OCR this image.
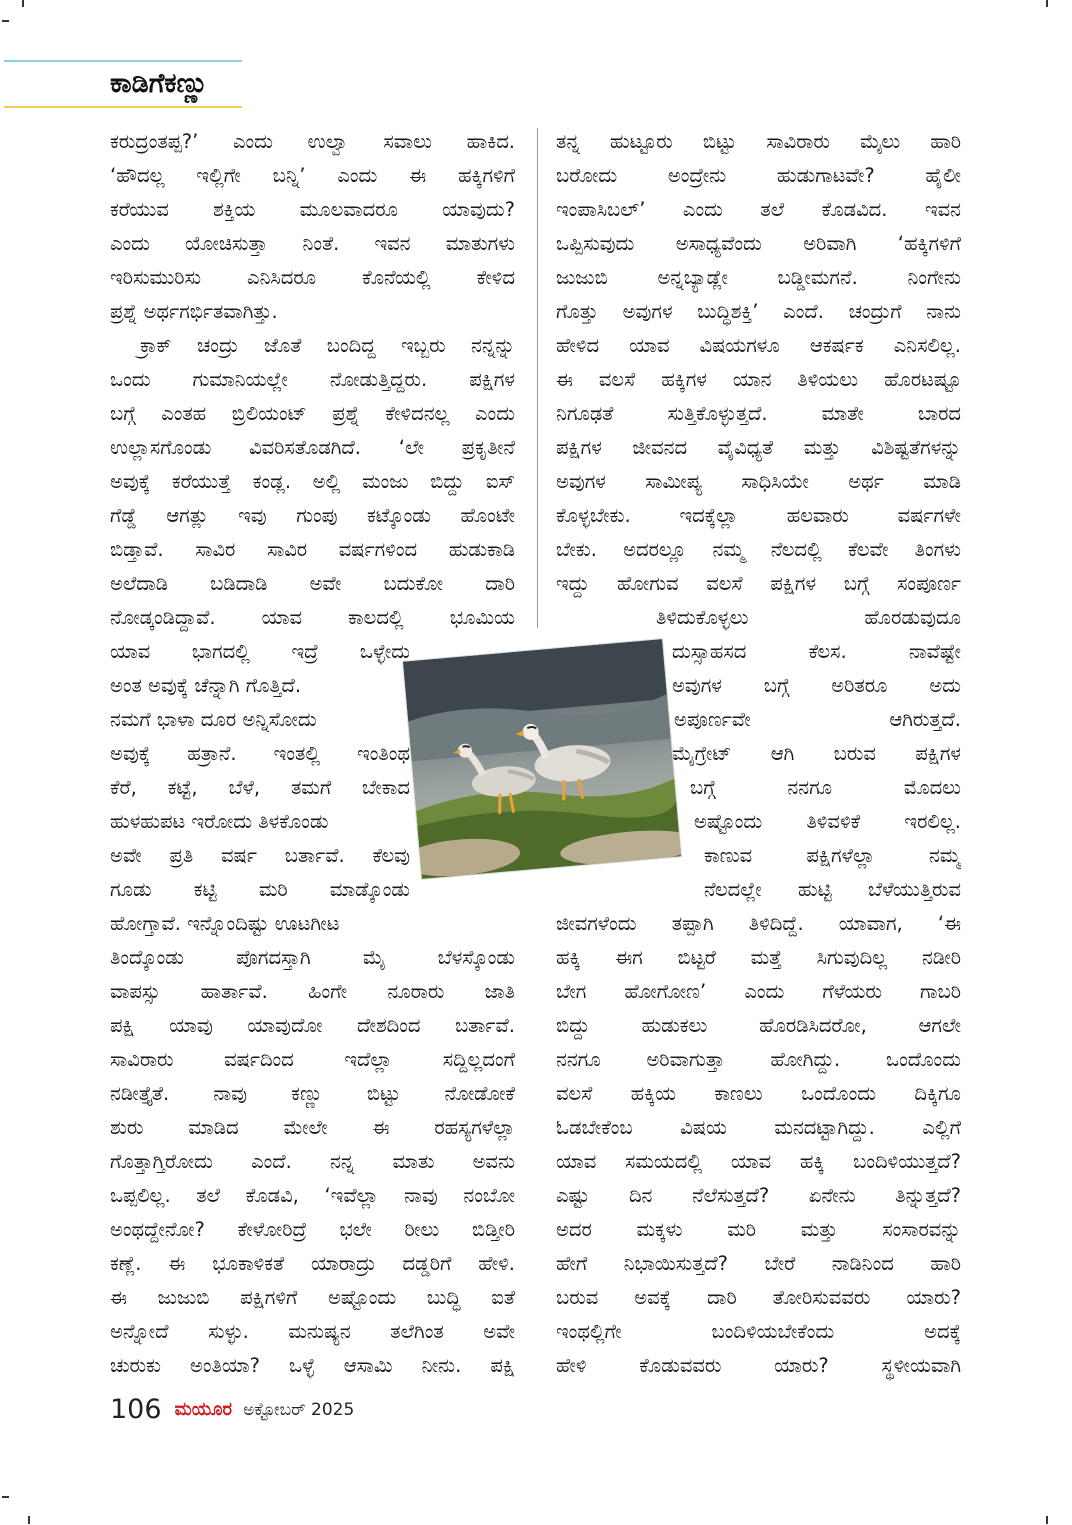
ಕಾಡಿಗೆಕಣ್ಣು
ಕರುದ್ರಂತಪ್ಪ?’ ಎಂದು ಉಲ್ವಾ ಸವಾಲು ಹಾಕಿದ.
‘ಹೌದಲ್ಲ ಇಲ್ಲಿಗೇ ಬನ್ನಿ’ ಎಂದು ಈ ಹಕ್ಕಿಗಳಿಗೆ
ಕರೆಯುವ ಶಕ್ತಿಯ ಮೂಲವಾದರೂ ಯಾವುದು?
ಎಂದು ಯೋಚಿಸುತ್ತಾ ನಿಂತೆ. ಇವನ ಮಾತುಗಳು
ಇರಿಸುಮುರಿಸು ಎನಿಸಿದರೂ ಕೊನೆಯಲ್ಲಿ ಕೇಳಿದ
ಪ್ರಶ್ನೆ ಅರ್ಥಗರ್ಭಿತವಾಗಿತ್ತು.
ಕ್ರಾಕ್ ಚಂದ್ರು ಜೊತೆ ಬಂದಿದ್ದ ಇಬ್ಬರು ನನ್ನನ್ನು
ಒಂದು ಗುಮಾನಿಯಲ್ಲೇ ನೋಡುತ್ತಿದ್ದರು. ಪಕ್ಷಿಗಳ
ಬಗ್ಗೆ ಎಂತಹ ಬ್ರಿಲಿಯಂಟ್ ಪ್ರಶ್ನೆ ಕೇಳಿದನಲ್ಲ ಎಂದು
ಉಲ್ಲಾಸಗೊಂಡು ವಿವರಿಸತೊಡಗಿದೆ. ‘ಲೇ ಪ್ರಕೃತೀನೆ
ಅವುಕ್ಕೆ ಕರೆಯುತ್ತೆ ಕಂಡ್ಲ. ಅಲ್ಲಿ ಮಂಜು ಬಿದ್ದು ಐಸ್
ಗೆಡ್ಡೆ ಆಗತ್ಲು ಇವು ಗುಂಪು ಕಟ್ಕೊಂಡು ಹೊಂಟೇ
ಬಿಡ್ತಾವೆ. ಸಾವಿರ ಸಾವಿರ ವರ್ಷಗಳಿಂದ ಹುಡುಕಾಡಿ
ಅಲೆದಾಡಿ ಬಡಿದಾಡಿ ಅವೇ ಬದುಕೋ ದಾರಿ
ನೋಡ್ಕಂಡಿದ್ದಾವೆ. ಯಾವ ಕಾಲದಲ್ಲಿ ಭೂಮಿಯ
ಯಾವ ಭಾಗದಲ್ಲಿ ಇದ್ರೆ ಒಳ್ಳೇದು
ಅಂತ ಅವುಕ್ಕೆ ಚೆನ್ನಾಗಿ ಗೊತ್ತಿದೆ.
ನಮಗೆ ಭಾಳಾ ದೂರ ಅನ್ನಿಸೋದು
ಅವುಕ್ಕೆ ಹತ್ರಾನೆ. ಇಂತಲ್ಲಿ ಇಂತಿಂಥ
ಕೆರೆ, ಕಟ್ಟೆ, ಬೆಳೆ, ತಮಗೆ ಬೇಕಾದ
ಹುಳಹುಪಟ ಇರೋದು ತಿಳಕೊಂಡು
ಅವೇ ಪ್ರತಿ ವರ್ಷ ಬರ್ತಾವೆ. ಕೆಲವು
ಗೂಡು ಕಟ್ಟಿ ಮರಿ ಮಾಡ್ಕೊಂಡು
ಹೋಗ್ತಾವೆ. ಇನ್ನೊಂದಿಷ್ಟು ಊಟಗೀಟ
ತಿಂದ್ಕೊಂಡು ಪೊಗದಸ್ತಾಗಿ ಮೈ ಬೆಳಸ್ಕೊಂಡು
ವಾಪಸ್ಸು ಹಾರ್ತಾವೆ. ಹಿಂಗೇ ನೂರಾರು ಜಾತಿ
ಪಕ್ಷಿ ಯಾವು ಯಾವುದೋ ದೇಶದಿಂದ ಬರ್ತಾವೆ.
ಸಾವಿರಾರು ವರ್ಷದಿಂದ ಇದೆಲ್ಲಾ ಸದ್ದಿಲ್ಲದಂಗೆ
ನಡೀತ್ತೈತೆ. ನಾವು ಕಣ್ಣು ಬಿಟ್ಟು ನೋಡೋಕೆ
ಶುರು ಮಾಡಿದ ಮೇಲೇ ಈ ರಹಸ್ಯಗಳೆಲ್ಲಾ
ಗೊತ್ತಾಗ್ತಿರೋದು ಎಂದೆ. ನನ್ನ ಮಾತು ಅವನು
ಒಪ್ಪಲಿಲ್ಲ. ತಲೆ ಕೊಡವಿ, ‘ಇವೆಲ್ಲಾ ನಾವು ನಂಬೋ
ಅಂಥದ್ದೇನೋ? ಕೇಳೋರಿದ್ರೆ ಭಲೇ ರೀಲು ಬಿಡ್ತೀರಿ
ಕಣ್ಲೆ. ಈ ಭೂಕಾಳಿಕತೆ ಯಾರಾದ್ರು ದಡ್ಡರಿಗೆ ಹೇಳಿ.
ಈ ಜುಜುಬಿ ಪಕ್ಷಿಗಳಿಗೆ ಅಷ್ಟೊಂದು ಬುದ್ಧಿ ಐತೆ
ಅನ್ನೋದೆ ಸುಳ್ಳು. ಮನುಷ್ಯನ ತಲೆಗಿಂತ ಅವೇ
ಚುರುಕು ಅಂತಿಯಾ? ಒಳ್ಳೆ ಆಸಾಮಿ ನೀನು. ಪಕ್ಷಿ
ತನ್ನ ಹುಟ್ಟೂರು ಬಿಟ್ಟು ಸಾವಿರಾರು ಮೈಲು ಹಾರಿ
ಬರೋದು ಅಂದ್ರೇನು ಹುಡುಗಾಟವೇ? ಹೈಲೀ
ಇಂಪಾಸಿಬಲ್’ ಎಂದು ತಲೆ ಕೊಡವಿದ. ಇವನ
ಒಪ್ಪಿಸುವುದು ಅಸಾಧ್ಯವೆಂದು ಅರಿವಾಗಿ ‘ಹಕ್ಕಿಗಳಿಗೆ
ಜುಜುಬಿ ಅನ್ನಬ್ಯಾಡ್ಲೇ ಬಡ್ಡೀಮಗನೆ. ನಿಂಗೇನು
ಗೊತ್ತು ಅವುಗಳ ಬುದ್ಧಿಶಕ್ತಿ’ ಎಂದೆ. ಚಂದ್ರುಗೆ ನಾನು
ಹೇಳಿದ ಯಾವ ವಿಷಯಗಳೂ ಆಕರ್ಷಕ ಎನಿಸಲಿಲ್ಲ.
ಈ ವಲಸೆ ಹಕ್ಕಿಗಳ ಯಾನ ತಿಳಿಯಲು ಹೊರಟಷ್ಟೂ
ನಿಗೂಢತೆ ಸುತ್ತಿಕೊಳ್ಳುತ್ತದೆ. ಮಾತೇ ಬಾರದ
ಪಕ್ಷಿಗಳ ಜೀವನದ ವೈವಿಧ್ಯತೆ ಮತ್ತು ವಿಶಿಷ್ಟತೆಗಳನ್ನು
ಅವುಗಳ ಸಾಮೀಪ್ಯ ಸಾಧಿಸಿಯೇ ಅರ್ಥ ಮಾಡಿ
ಕೊಳ್ಳಬೇಕು. ಇದಕ್ಕೆಲ್ಲಾ ಹಲವಾರು ವರ್ಷಗಳೇ
ಬೇಕು. ಅದರಲ್ಲೂ ನಮ್ಮ ನೆಲದಲ್ಲಿ ಕೆಲವೇ ತಿಂಗಳು
ಇದ್ದು ಹೋಗುವ ವಲಸೆ ಪಕ್ಷಿಗಳ ಬಗ್ಗೆ ಸಂಪೂರ್ಣ
ತಿಳಿದುಕೊಳ್ಳಲು ಹೊರಡುವುದೂ
ದುಸ್ಸಾಹಸದ ಕೆಲಸ. ನಾವೆಷ್ಟೇ
ಅವುಗಳ ಬಗ್ಗೆ ಅರಿತರೂ ಅದು
ಅಪೂರ್ಣವೇ ಆಗಿರುತ್ತದೆ.
ಮೈಗ್ರೇಟ್ ಆಗಿ ಬರುವ ಪಕ್ಷಿಗಳ
ಬಗ್ಗೆ ನನಗೂ ಮೊದಲು
ಅಷ್ಟೊಂದು ತಿಳಿವಳಿಕೆ ಇರಲಿಲ್ಲ.
ಕಾಣುವ ಪಕ್ಷಿಗಳೆಲ್ಲಾ ನಮ್ಮ
ನೆಲದಲ್ಲೇ ಹುಟ್ಟಿ ಬೆಳೆಯುತ್ತಿರುವ
ಜೀವಗಳೆಂದು ತಪ್ಪಾಗಿ ತಿಳಿದಿದ್ದೆ. ಯಾವಾಗ, ‘ಈ
ಹಕ್ಕಿ ಈಗ ಬಿಟ್ಟರೆ ಮತ್ತೆ ಸಿಗುವುದಿಲ್ಲ ನಡೀರಿ
ಬೇಗ ಹೋಗೋಣ’ ಎಂದು ಗೆಳೆಯರು ಗಾಬರಿ
ಬಿದ್ದು ಹುಡುಕಲು ಹೊರಡಿಸಿದರೋ, ಆಗಲೇ
ನನಗೂ ಅರಿವಾಗುತ್ತಾ ಹೋಗಿದ್ದು. ಒಂದೊಂದು
ವಲಸೆ ಹಕ್ಕಿಯ ಕಾಣಲು ಒಂದೊಂದು ದಿಕ್ಕಿಗೂ
ಓಡಬೇಕೆಂಬ ವಿಷಯ ಮನದಟ್ಟಾಗಿದ್ದು. ಎಲ್ಲಿಗೆ
ಯಾವ ಸಮಯದಲ್ಲಿ ಯಾವ ಹಕ್ಕಿ ಬಂದಿಳಿಯುತ್ತದೆ?
ಎಷ್ಟು ದಿನ ನೆಲೆಸುತ್ತದೆ? ಏನೇನು ತಿನ್ನುತ್ತದೆ?
ಅದರ ಮಕ್ಕಳು ಮರಿ ಮತ್ತು ಸಂಸಾರವನ್ನು
ಹೇಗೆ ನಿಭಾಯಿಸುತ್ತದೆ? ಬೇರೆ ನಾಡಿನಿಂದ ಹಾರಿ
ಬರುವ ಅವಕ್ಕೆ ದಾರಿ ತೋರಿಸುವವರು ಯಾರು?
ಇಂಥಲ್ಲಿಗೇ ಬಂದಿಳಿಯಬೇಕೆಂದು ಅದಕ್ಕೆ
ಹೇಳಿ ಕೊಡುವವರು ಯಾರು? ಸ್ಥಳೀಯವಾಗಿ
106 ಮಯೂರ ಅಕ್ಟೋಬರ್ 2025
